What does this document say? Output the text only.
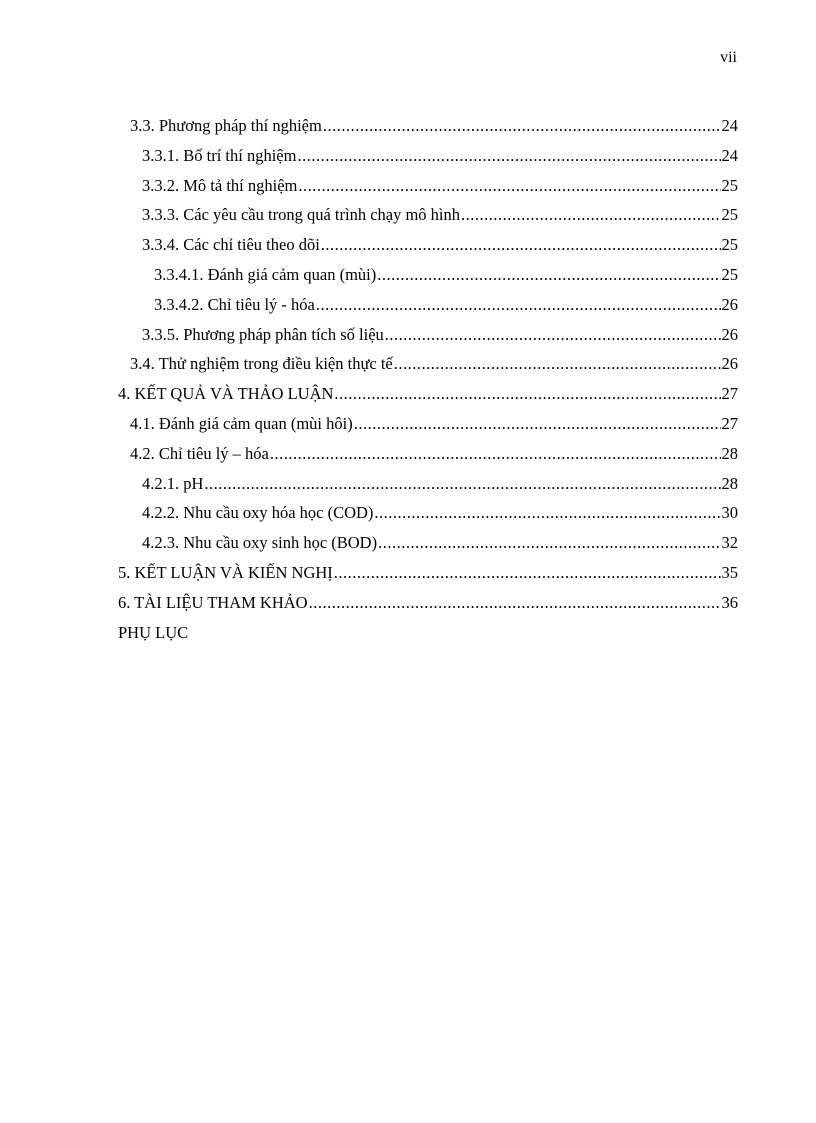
vii
3.3. Phương pháp thí nghiệm .....	24
3.3.1. Bố trí thí nghiệm .....	24
3.3.2. Mô tả thí nghiệm .....	25
3.3.3. Các yêu cầu trong quá trình chạy mô hình .....	25
3.3.4. Các chỉ tiêu theo dõi .....	25
3.3.4.1. Đánh giá cảm quan (mùi) .....	25
3.3.4.2. Chỉ tiêu lý - hóa .....	26
3.3.5. Phương pháp phân tích số liệu .....	26
3.4. Thử nghiệm trong điều kiện thực tế .....	26
4. KẾT QUẢ VÀ THẢO LUẬN .....	27
4.1. Đánh giá cảm quan (mùi hôi) .....	27
4.2. Chỉ tiêu lý – hóa .....	28
4.2.1. pH .....	28
4.2.2. Nhu cầu oxy hóa học (COD) .....	30
4.2.3. Nhu cầu oxy sinh học (BOD) .....	32
5. KẾT LUẬN VÀ KIẾN NGHỊ .....	35
6. TÀI LIỆU THAM KHẢO .....	36
PHỤ LỤC
